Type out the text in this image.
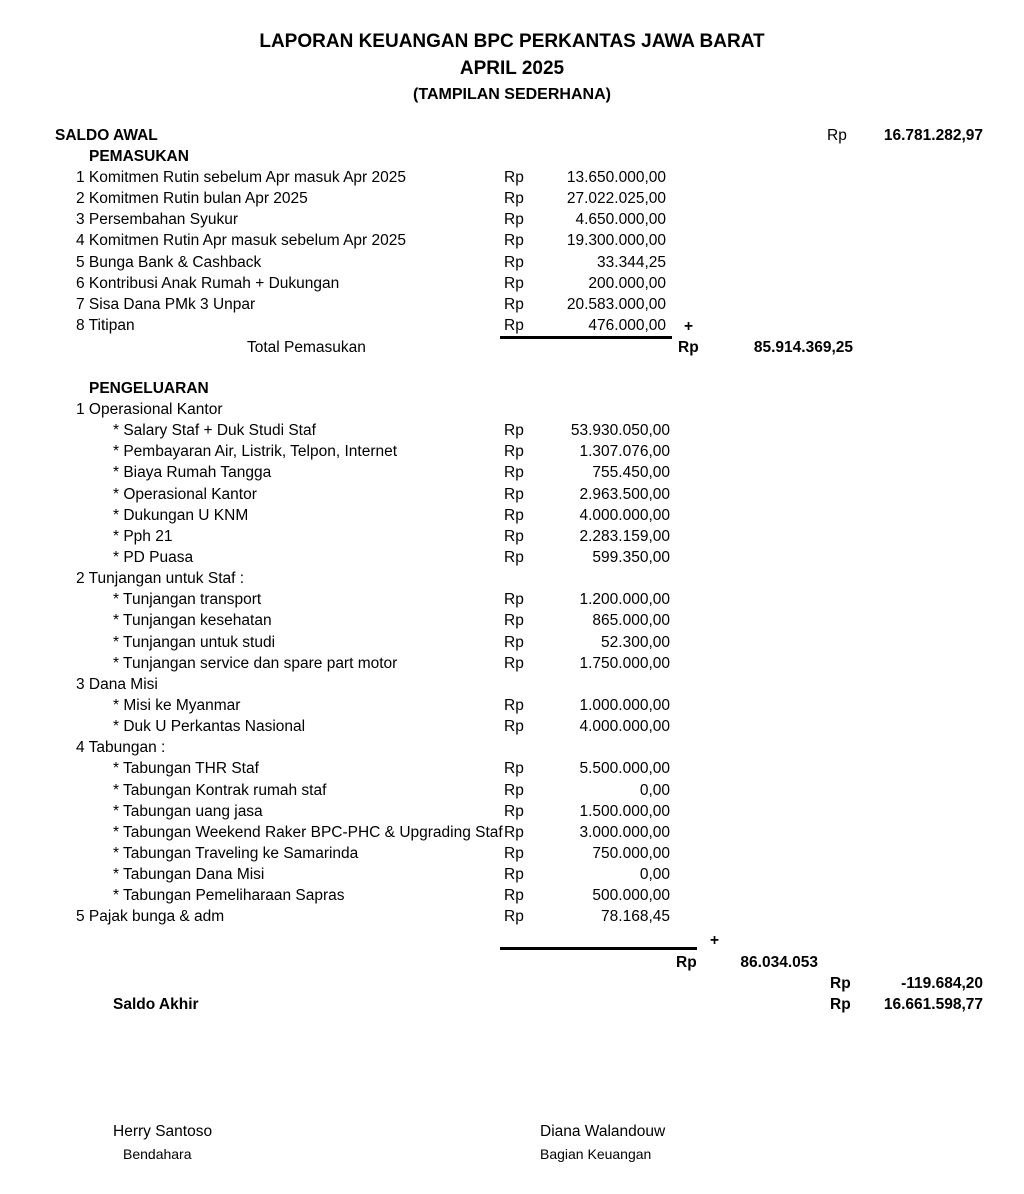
LAPORAN KEUANGAN BPC PERKANTAS JAWA BARAT
APRIL 2025
(TAMPILAN SEDERHANA)
SALDO AWAL	Rp	16.781.282,97
PEMASUKAN
1 Komitmen Rutin sebelum Apr masuk Apr 2025	Rp	13.650.000,00
2 Komitmen Rutin bulan Apr 2025	Rp	27.022.025,00
3 Persembahan Syukur	Rp	4.650.000,00
4 Komitmen Rutin Apr masuk sebelum Apr 2025	Rp	19.300.000,00
5 Bunga Bank & Cashback	Rp	33.344,25
6 Kontribusi Anak Rumah + Dukungan	Rp	200.000,00
7 Sisa Dana PMk 3 Unpar	Rp	20.583.000,00
8 Titipan	Rp	476.000,00 +
Total Pemasukan	Rp	85.914.369,25
PENGELUARAN
1 Operasional Kantor
* Salary Staf + Duk Studi Staf	Rp	53.930.050,00
* Pembayaran Air, Listrik, Telpon, Internet	Rp	1.307.076,00
* Biaya Rumah Tangga	Rp	755.450,00
* Operasional Kantor	Rp	2.963.500,00
* Dukungan U KNM	Rp	4.000.000,00
* Pph 21	Rp	2.283.159,00
* PD Puasa	Rp	599.350,00
2 Tunjangan untuk Staf :
* Tunjangan transport	Rp	1.200.000,00
* Tunjangan kesehatan	Rp	865.000,00
* Tunjangan untuk studi	Rp	52.300,00
* Tunjangan service dan spare part motor	Rp	1.750.000,00
3 Dana Misi
* Misi ke Myanmar	Rp	1.000.000,00
* Duk U Perkantas Nasional	Rp	4.000.000,00
4 Tabungan :
* Tabungan THR Staf	Rp	5.500.000,00
* Tabungan Kontrak rumah staf	Rp	0,00
* Tabungan uang jasa	Rp	1.500.000,00
* Tabungan Weekend Raker BPC-PHC & Upgrading Staf Rp	3.000.000,00
* Tabungan Traveling ke Samarinda	Rp	750.000,00
* Tabungan Dana Misi	Rp	0,00
* Tabungan Pemeliharaan Sapras	Rp	500.000,00
5 Pajak bunga & adm	Rp	78.168,45
+
Rp	86.034.053
Rp	-119.684,20
Saldo Akhir	Rp	16.661.598,77
Herry Santoso
Bendahara
Diana Walandouw
Bagian Keuangan
